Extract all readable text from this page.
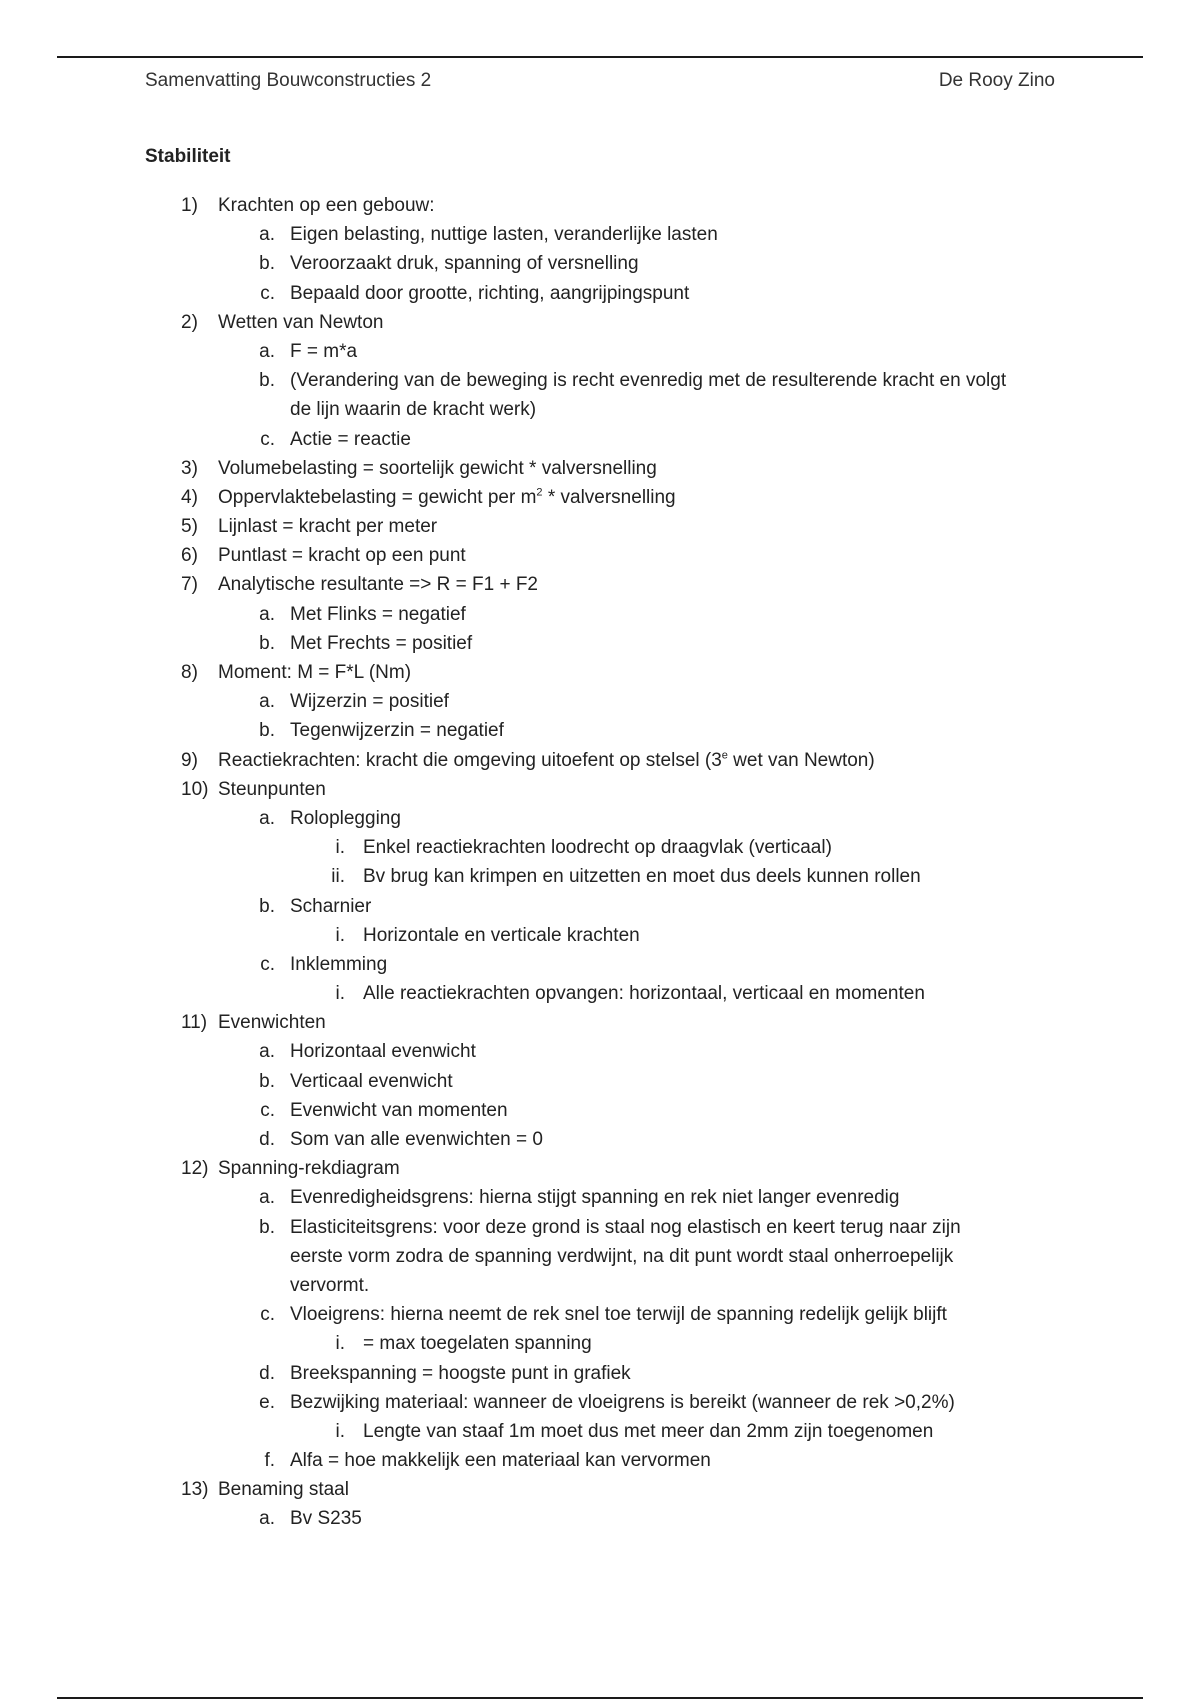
Samenvatting Bouwconstructies 2	De Rooy Zino
Stabiliteit
1) Krachten op een gebouw:
a. Eigen belasting, nuttige lasten, veranderlijke lasten
b. Veroorzaakt druk, spanning of versnelling
c. Bepaald door grootte, richting, aangrijpingspunt
2) Wetten van Newton
a. F = m*a
b. (Verandering van de beweging is recht evenredig met de resulterende kracht en volgt
de lijn waarin de kracht werk)
c. Actie = reactie
3) Volumebelasting = soortelijk gewicht * valversnelling
4) Oppervlaktebelasting = gewicht per $m^2$ * valversnelling
5) Lijnlast = kracht per meter
6) Puntlast = kracht op een punt
7) Analytische resultante => R = F1 + F2
a. Met Flinks = negatief
b. Met Frechts = positief
8) Moment: M = F*L (Nm)
a. Wijzerzin = positief
b. Tegenwijzerzin = negatief
9) Reactiekrachten: kracht die omgeving uitoefent op stelsel (3e wet van Newton)
10) Steunpunten
a. Roloplegging
i. Enkel reactiekrachten loodrecht op draagvlak (verticaal)
ii. Bv brug kan krimpen en uitzetten en moet dus deels kunnen rollen
b. Scharnier
i. Horizontale en verticale krachten
c. Inklemming
i. Alle reactiekrachten opvangen: horizontaal, verticaal en momenten
11) Evenwichten
a. Horizontaal evenwicht
b. Verticaal evenwicht
c. Evenwicht van momenten
d. Som van alle evenwichten = 0
12) Spanning-rekdiagram
a. Evenredigheidsgrens: hierna stijgt spanning en rek niet langer evenredig
b. Elasticiteitsgrens: voor deze grond is staal nog elastisch en keert terug naar zijn
eerste vorm zodra de spanning verdwijnt, na dit punt wordt staal onherroepelijk
vervormt.
c. Vloeigrens: hierna neemt de rek snel toe terwijl de spanning redelijk gelijk blijft
i. = max toegelaten spanning
d. Breekspanning = hoogste punt in grafiek
e. Bezwijking materiaal: wanneer de vloeigrens is bereikt (wanneer de rek >0,2%)
i. Lengte van staaf 1m moet dus met meer dan 2mm zijn toegenomen
f. Alfa = hoe makkelijk een materiaal kan vervormen
13) Benaming staal
a. Bv S235
